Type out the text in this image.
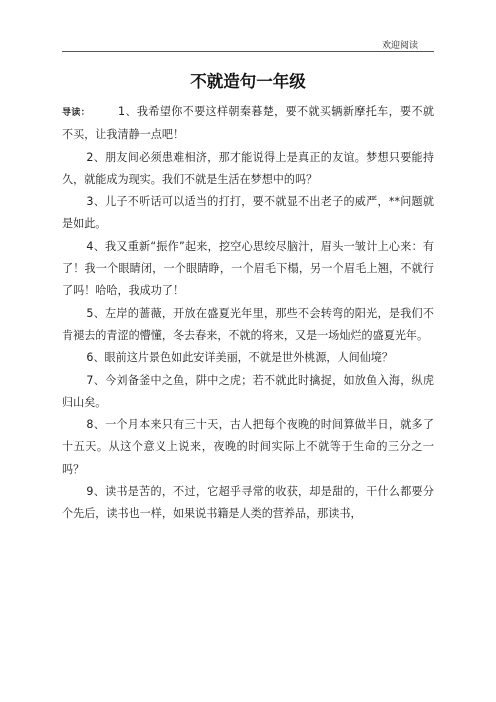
欢迎阅读
不就造句一年级

导读：	1、我希望你不要这样朝秦暮楚，要不就买辆新摩托车，要不就不买，让我清静一点吧！

2、朋友间必须患难相济，那才能说得上是真正的友谊。梦想只要能持久，就能成为现实。我们不就是生活在梦想中的吗？

3、儿子不听话可以适当的打打，要不就显不出老子的威严，**问题就是如此。

4、我又重新“振作”起来，挖空心思绞尽脑汁，眉头一皱计上心来：有了！我一个眼睛闭，一个眼睛睁，一个眉毛下榻，另一个眉毛上翘，不就行了吗！哈哈，我成功了！

5、左岸的蔷薇，开放在盛夏光年里，那些不会转弯的阳光，是我们不肯褪去的青涩的懵懂，冬去春来，不就的将来，又是一场灿烂的盛夏光年。

6、眼前这片景色如此安详美丽，不就是世外桃源，人间仙境？

7、今刘备釜中之鱼，阱中之虎；若不就此时擒捉，如放鱼入海，纵虎归山矣。

8、一个月本来只有三十天，古人把每个夜晚的时间算做半日，就多了十五天。从这个意义上说来，夜晚的时间实际上不就等于生命的三分之一吗？

9、读书是苦的，不过，它超乎寻常的收获，却是甜的，干什么都要分个先后，读书也一样，如果说书籍是人类的营养品，那读书，
